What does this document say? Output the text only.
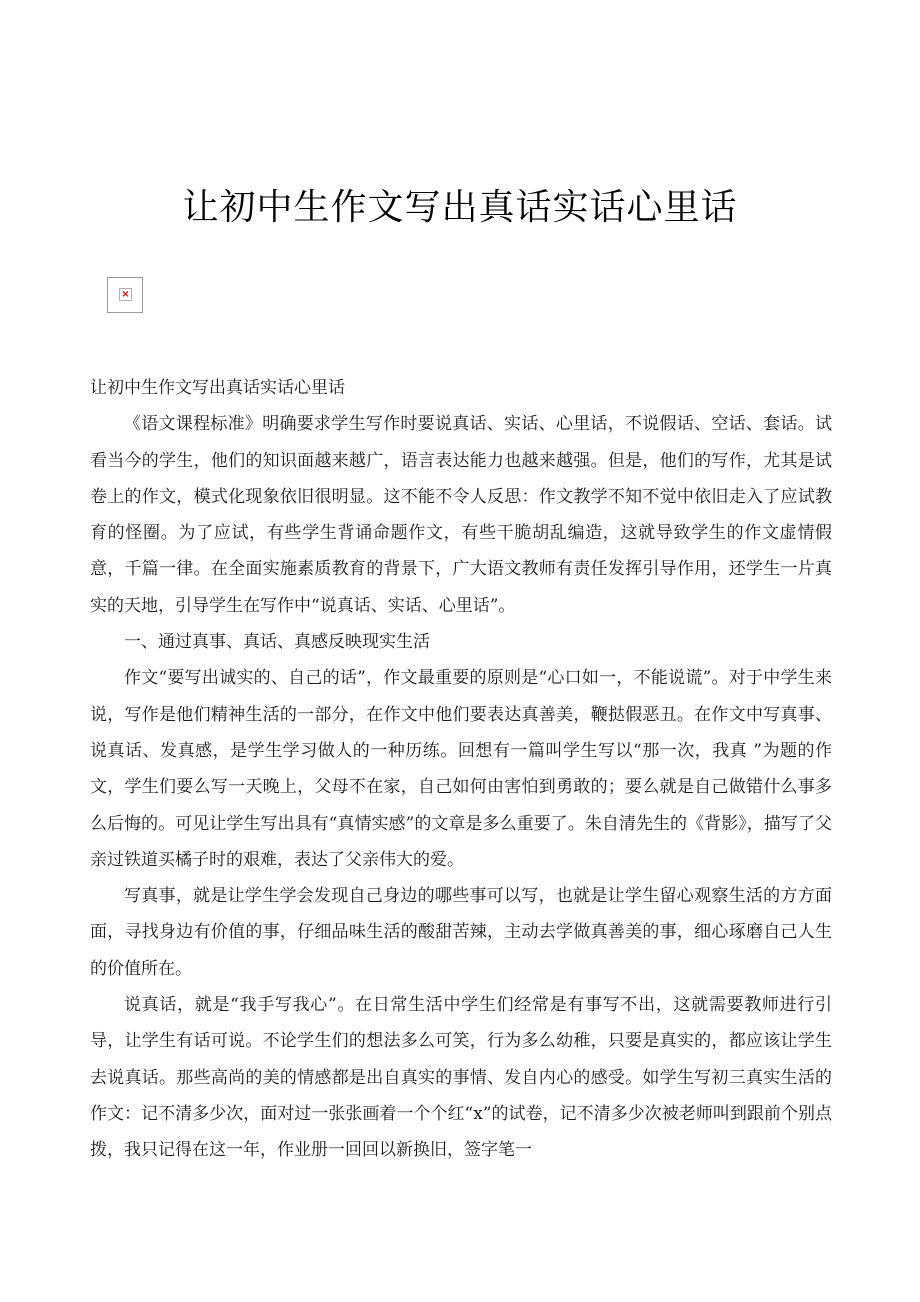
让初中生作文写出真话实话心里话
×

让初中生作文写出真话实话心里话

《语文课程标准》明确要求学生写作时要说真话、实话、心里话，不说假话、空话、套话。试看当今的学生，他们的知识面越来越广，语言表达能力也越来越强。但是，他们的写作，尤其是试卷上的作文，模式化现象依旧很明显。这不能不令人反思：作文教学不知不觉中依旧走入了应试教育的怪圈。为了应试，有些学生背诵命题作文，有些干脆胡乱编造，这就导致学生的作文虚情假意，千篇一律。在全面实施素质教育的背景下，广大语文教师有责任发挥引导作用，还学生一片真实的天地，引导学生在写作中“说真话、实话、心里话”。

一、通过真事、真话、真感反映现实生活

作文“要写出诚实的、自己的话”，作文最重要的原则是“心口如一，不能说谎”。对于中学生来说，写作是他们精神生活的一部分，在作文中他们要表达真善美，鞭挞假恶丑。在作文中写真事、说真话、发真感，是学生学习做人的一种历练。回想有一篇叫学生写以“那一次，我真 ”为题的作文，学生们要么写一天晚上，父母不在家，自己如何由害怕到勇敢的；要么就是自己做错什么事多么后悔的。可见让学生写出具有“真情实感”的文章是多么重要了。朱自清先生的《背影》，描写了父亲过铁道买橘子时的艰难，表达了父亲伟大的爱。

写真事，就是让学生学会发现自己身边的哪些事可以写，也就是让学生留心观察生活的方方面面，寻找身边有价值的事，仔细品味生活的酸甜苦辣，主动去学做真善美的事，细心琢磨自己人生的价值所在。

说真话，就是“我手写我心”。在日常生活中学生们经常是有事写不出，这就需要教师进行引导，让学生有话可说。不论学生们的想法多么可笑，行为多么幼稚，只要是真实的，都应该让学生去说真话。那些高尚的美的情感都是出自真实的事情、发自内心的感受。如学生写初三真实生活的作文：记不清多少次，面对过一张张画着一个个红“x”的试卷，记不清多少次被老师叫到跟前个别点拨，我只记得在这一年，作业册一回回以新换旧，签字笔一
